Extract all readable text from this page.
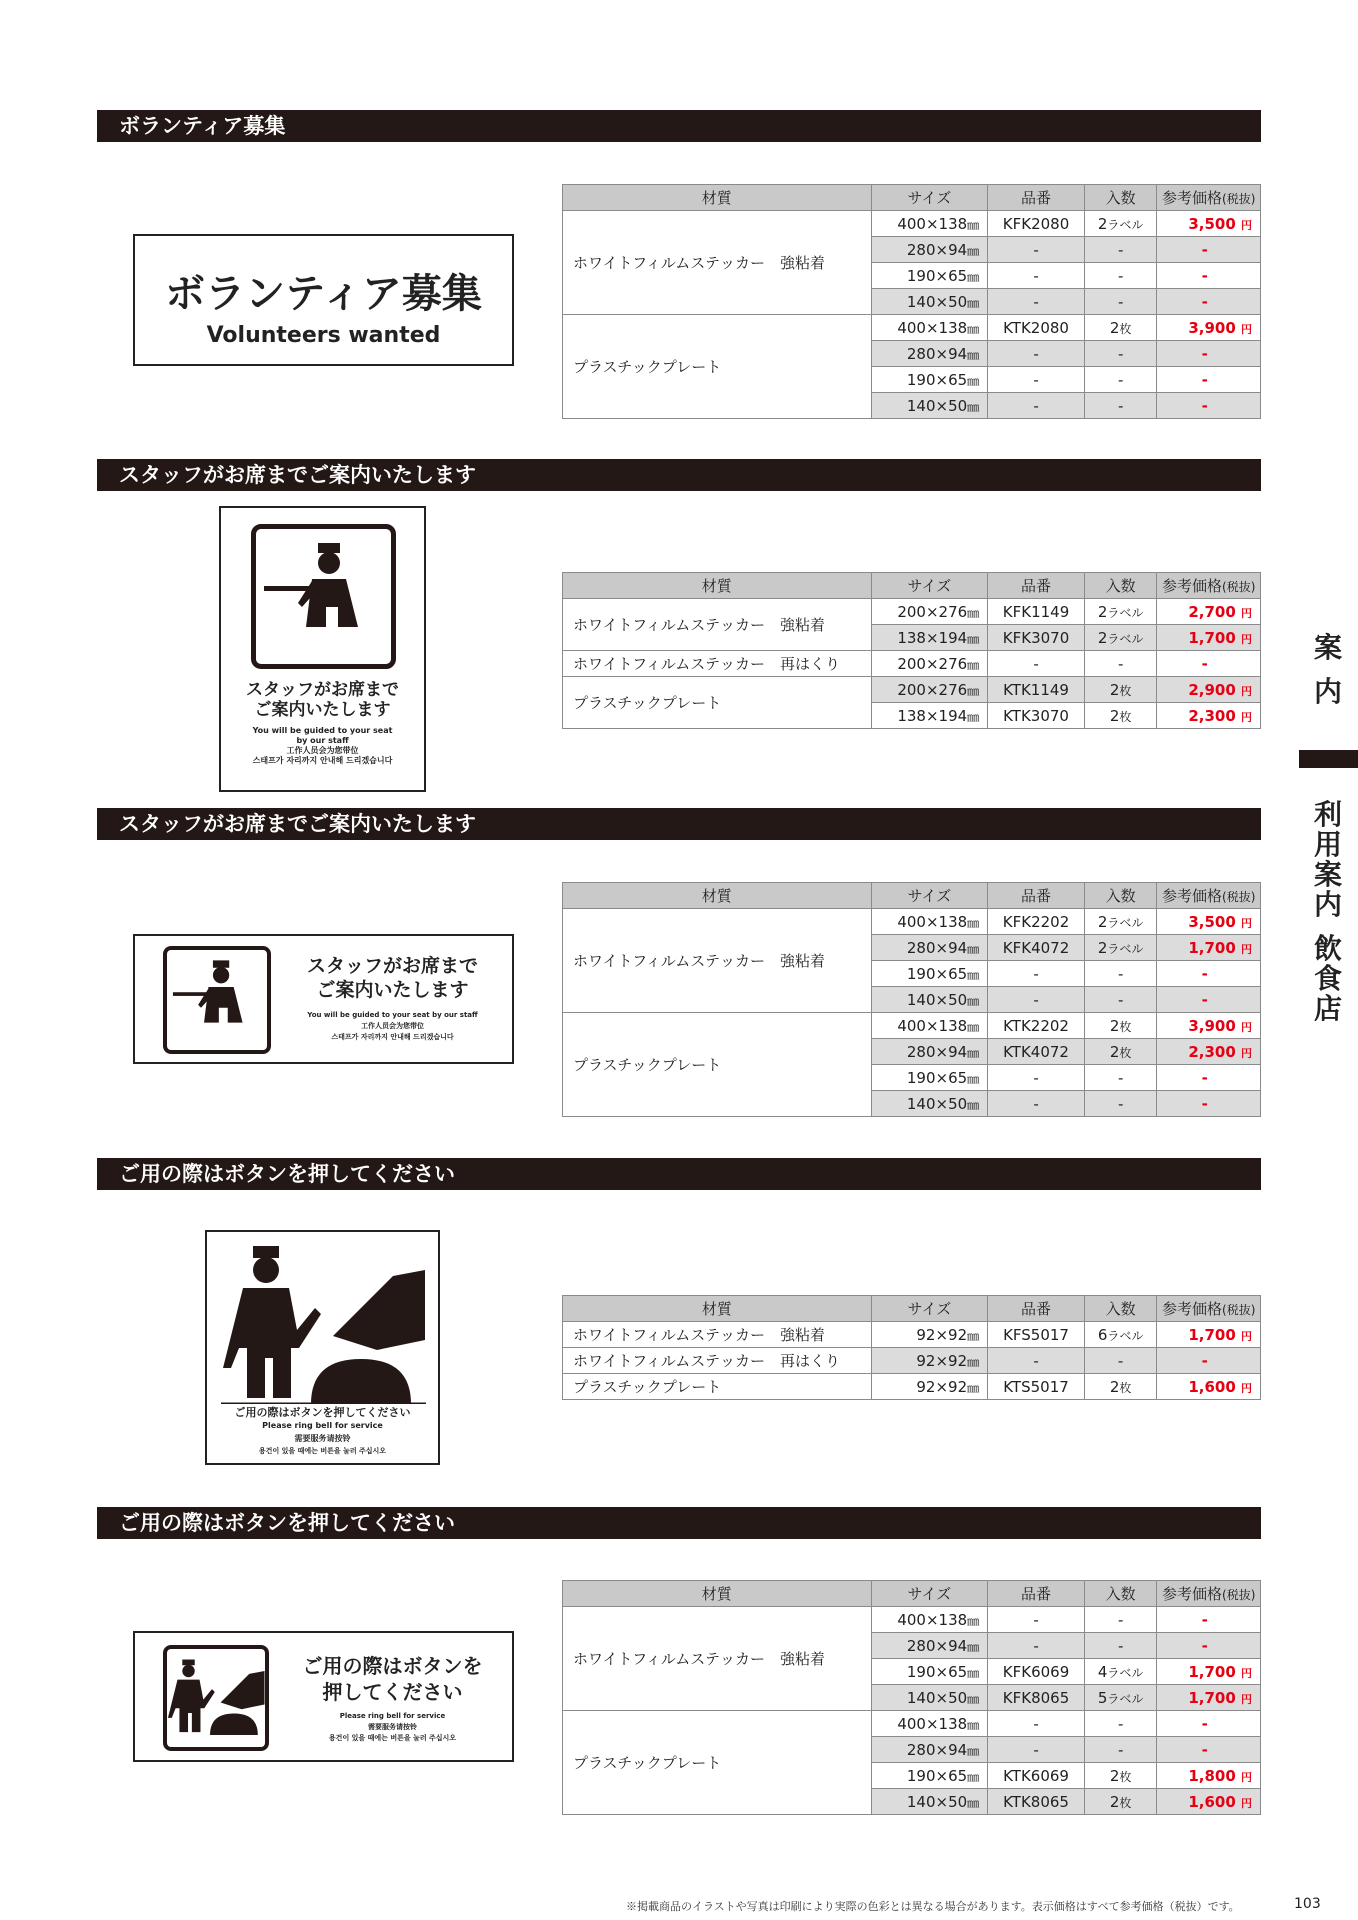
ボランティア募集
スタッフがお席までご案内いたします
スタッフがお席までご案内いたします
ご用の際はボタンを押してください
ご用の際はボタンを押してください
ボランティア募集
Volunteers wanted
スタッフがお席まで
ご案内いたします
You will be guided to your seat
by our staff
工作人员会为您带位
스태프가 자리까지 안내해 드리겠습니다
スタッフがお席まで
ご案内いたします
You will be guided to your seat by our staff
工作人员会为您带位
스태프가 자리까지 안내해 드리겠습니다
ご用の際はボタンを押してください
Please ring bell for service
需要服务请按铃
용건이 있을 때에는 버튼을 눌러 주십시오
ご用の際はボタンを
押してください
Please ring bell for service
需要服务请按铃
용건이 있을 때에는 버튼을 눌러 주십시오
材質	サイズ	品番	入数	参考価格(税抜)
ホワイトフィルムステッカー　強粘着	400×138㎜	KFK2080	2ラベル	3,500 円
	280×94㎜	-	-	-
	190×65㎜	-	-	-
	140×50㎜	-	-	-
プラスチックプレート	400×138㎜	KTK2080	2枚	3,900 円
	280×94㎜	-	-	-
	190×65㎜	-	-	-
	140×50㎜	-	-	-
材質	サイズ	品番	入数	参考価格(税抜)
ホワイトフィルムステッカー　強粘着	200×276㎜	KFK1149	2ラベル	2,700 円
	138×194㎜	KFK3070	2ラベル	1,700 円
ホワイトフィルムステッカー　再はくり	200×276㎜	-	-	-
プラスチックプレート	200×276㎜	KTK1149	2枚	2,900 円
	138×194㎜	KTK3070	2枚	2,300 円
材質	サイズ	品番	入数	参考価格(税抜)
ホワイトフィルムステッカー　強粘着	400×138㎜	KFK2202	2ラベル	3,500 円
	280×94㎜	KFK4072	2ラベル	1,700 円
	190×65㎜	-	-	-
	140×50㎜	-	-	-
プラスチックプレート	400×138㎜	KTK2202	2枚	3,900 円
	280×94㎜	KTK4072	2枚	2,300 円
	190×65㎜	-	-	-
	140×50㎜	-	-	-
材質	サイズ	品番	入数	参考価格(税抜)
ホワイトフィルムステッカー　強粘着	92×92㎜	KFS5017	6ラベル	1,700 円
ホワイトフィルムステッカー　再はくり	92×92㎜	-	-	-
プラスチックプレート	92×92㎜	KTS5017	2枚	1,600 円
材質	サイズ	品番	入数	参考価格(税抜)
ホワイトフィルムステッカー　強粘着	400×138㎜	-	-	-
	280×94㎜	-	-	-
	190×65㎜	KFK6069	4ラベル	1,700 円
	140×50㎜	KFK8065	5ラベル	1,700 円
プラスチックプレート	400×138㎜	-	-	-
	280×94㎜	-	-	-
	190×65㎜	KTK6069	2枚	1,800 円
	140×50㎜	KTK8065	2枚	1,600 円
案
内
利
用
案
内
飲
食
店
※掲載商品のイラストや写真は印刷により実際の色彩とは異なる場合があります。表示価格はすべて参考価格（税抜）です。	103
